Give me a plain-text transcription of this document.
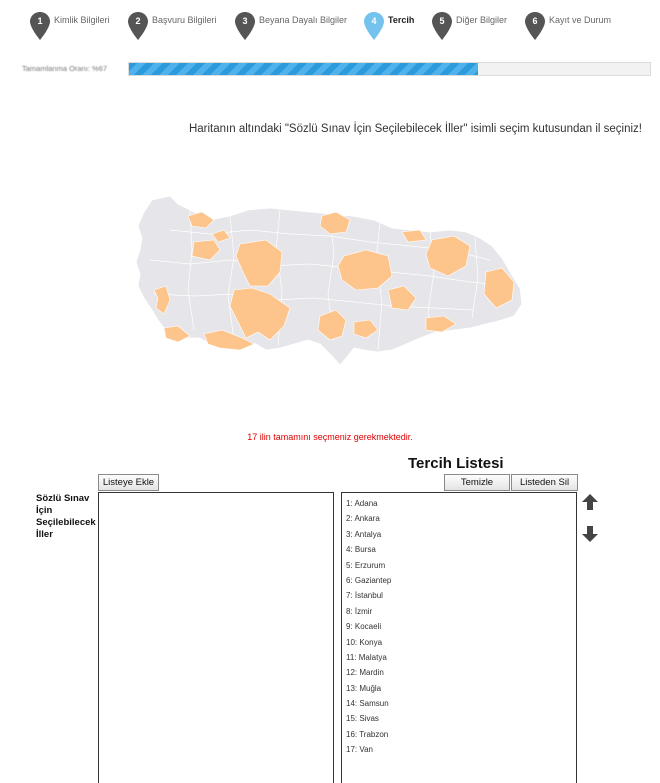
1	Kimlik Bilgileri	2	Başvuru Bilgileri	3	Beyana Dayalı Bilgiler	4	Tercih	5	Diğer Bilgiler	6	Kayıt ve Durum
Tamamlanma Oranı: %67
Haritanın altındaki "Sözlü Sınav İçin Seçilebilecek İller" isimli seçim kutusundan il seçiniz!
17 ilin tamamını seçmeniz gerekmektedir.
Tercih Listesi
Listeye Ekle	Temizle	Listeden Sil
Sözlü Sınav İçin Seçilebilecek İller
1: Adana
2: Ankara
3: Antalya
4: Bursa
5: Erzurum
6: Gaziantep
7: İstanbul
8: İzmir
9: Kocaeli
10: Konya
11: Malatya
12: Mardin
13: Muğla
14: Samsun
15: Sivas
16: Trabzon
17: Van
